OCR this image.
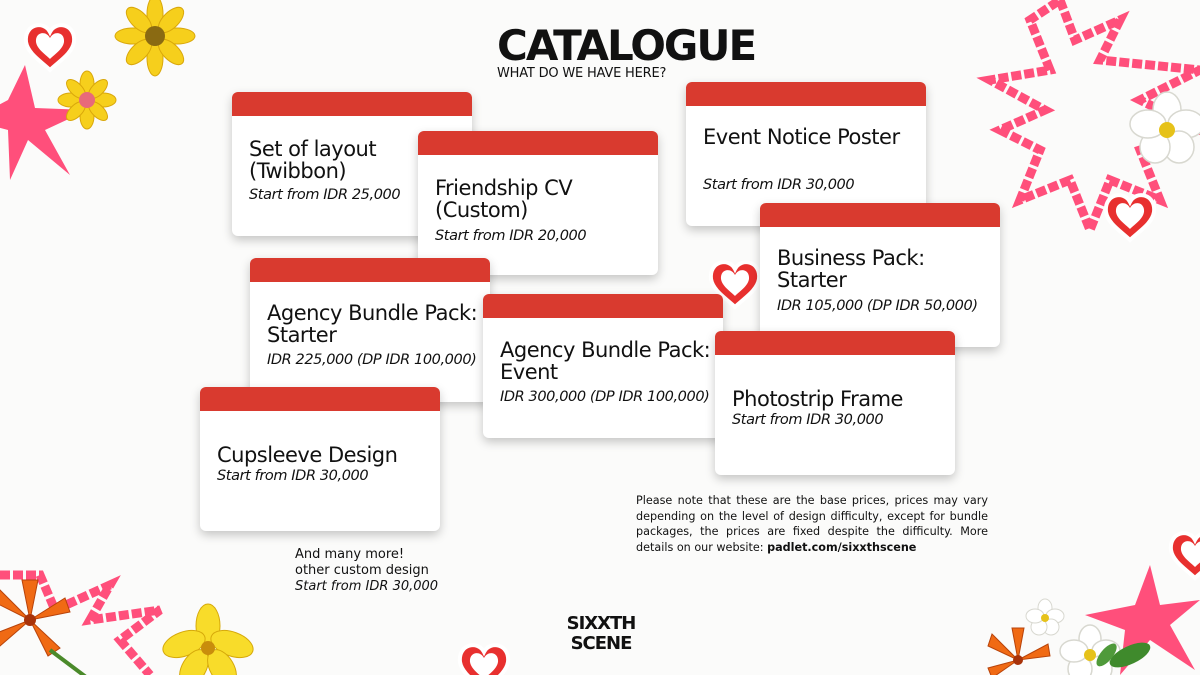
CATALOGUE
WHAT DO WE HAVE HERE?
Set of layout (Twibbon)
Start from IDR 25,000	Friendship CV (Custom)
Start from IDR 20,000
Event Notice Poster
Start from IDR 30,000
Agency Bundle Pack: Starter
IDR 225,000 (DP IDR 100,000)
Business Pack: Starter
IDR 105,000 (DP IDR 50,000)
Agency Bundle Pack: Event
IDR 300,000 (DP IDR 100,000)	Photostrip Frame
Start from IDR 30,000
Cupsleeve Design
Start from IDR 30,000
And many more!
other custom design
Start from IDR 30,000
Please note that these are the base prices, prices may vary depending on the level of design difficulty, except for bundle packages, the prices are fixed despite the difficulty. More details on our website: padlet.com/sixxthscene
SIXXTH
SCENE
